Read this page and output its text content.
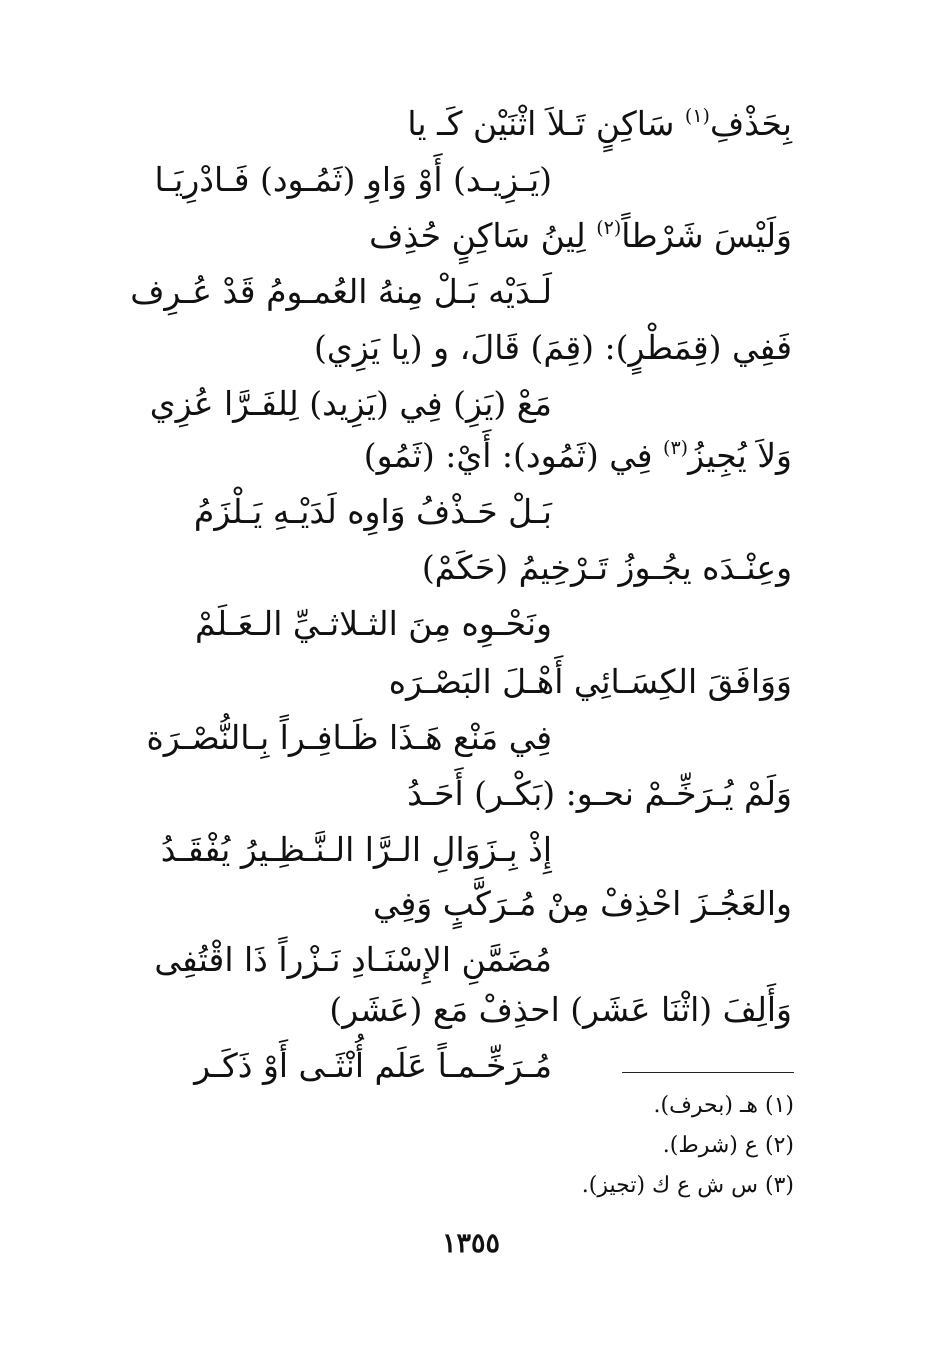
بِحَذْفِ$^{(١)}$ سَاكِنٍ تَـلاَ اثْنَيْن كَـ يا
(يَـزِيـد) أَوْ وَاوِ (ثَمُـود) فَـادْرِيَـا
وَلَيْسَ شَرْطاً$^{(٢)}$ لِينُ سَاكِنٍ حُذِف
لَـدَيْه بَـلْ مِنهُ العُمـومُ قَدْ عُـرِف
فَفِي (قِمَطْرٍ): (قِمَ) قَالَ، و (يا يَزِي)
مَعْ (يَزِ) فِي (يَزِيد) لِلفَـرَّا عُزِي
وَلاَ يُجِيزُ$^{(٣)}$ فِي (ثَمُود): أَيْ: (ثَمُو)
بَـلْ حَـذْفُ وَاوِه لَدَيْـهِ يَـلْزَمُ
وعِنْـدَه يجُـوزُ تَـرْخِيمُ (حَكَمْ)
ونَحْـوِه مِنَ الثـلاثـيِّ الـعَـلَمْ
وَوَافَقَ الكِسَـائِي أَهْـلَ البَصْـرَه
فِي مَنْع هَـذَا ظَـافِـراً بِـالنُّصْـرَة
وَلَمْ يُـرَخِّـمْ نحـو: (بَكْـر) أَحَـدُ
إِذْ بِـزَوَالِ الـرَّا الـنَّـظِـيرُ يُفْقَـدُ
والعَجُـزَ احْذِفْ مِنْ مُـرَكَّبٍ وَفِي
مُضَمَّنِ الإِسْنَـادِ نَـزْراً ذَا اقْتُفِى
وَأَلِفَ (اثْنَا عَشَر) احذِفْ مَع (عَشَر)
مُـرَخِّـمـاً عَلَم أُنْثَـى أَوْ ذَكَـر
(١) هـ (بحرف).
(٢) ع (شرط).
(٣) س ش ع ك (تجيز).
١٣٥٥
